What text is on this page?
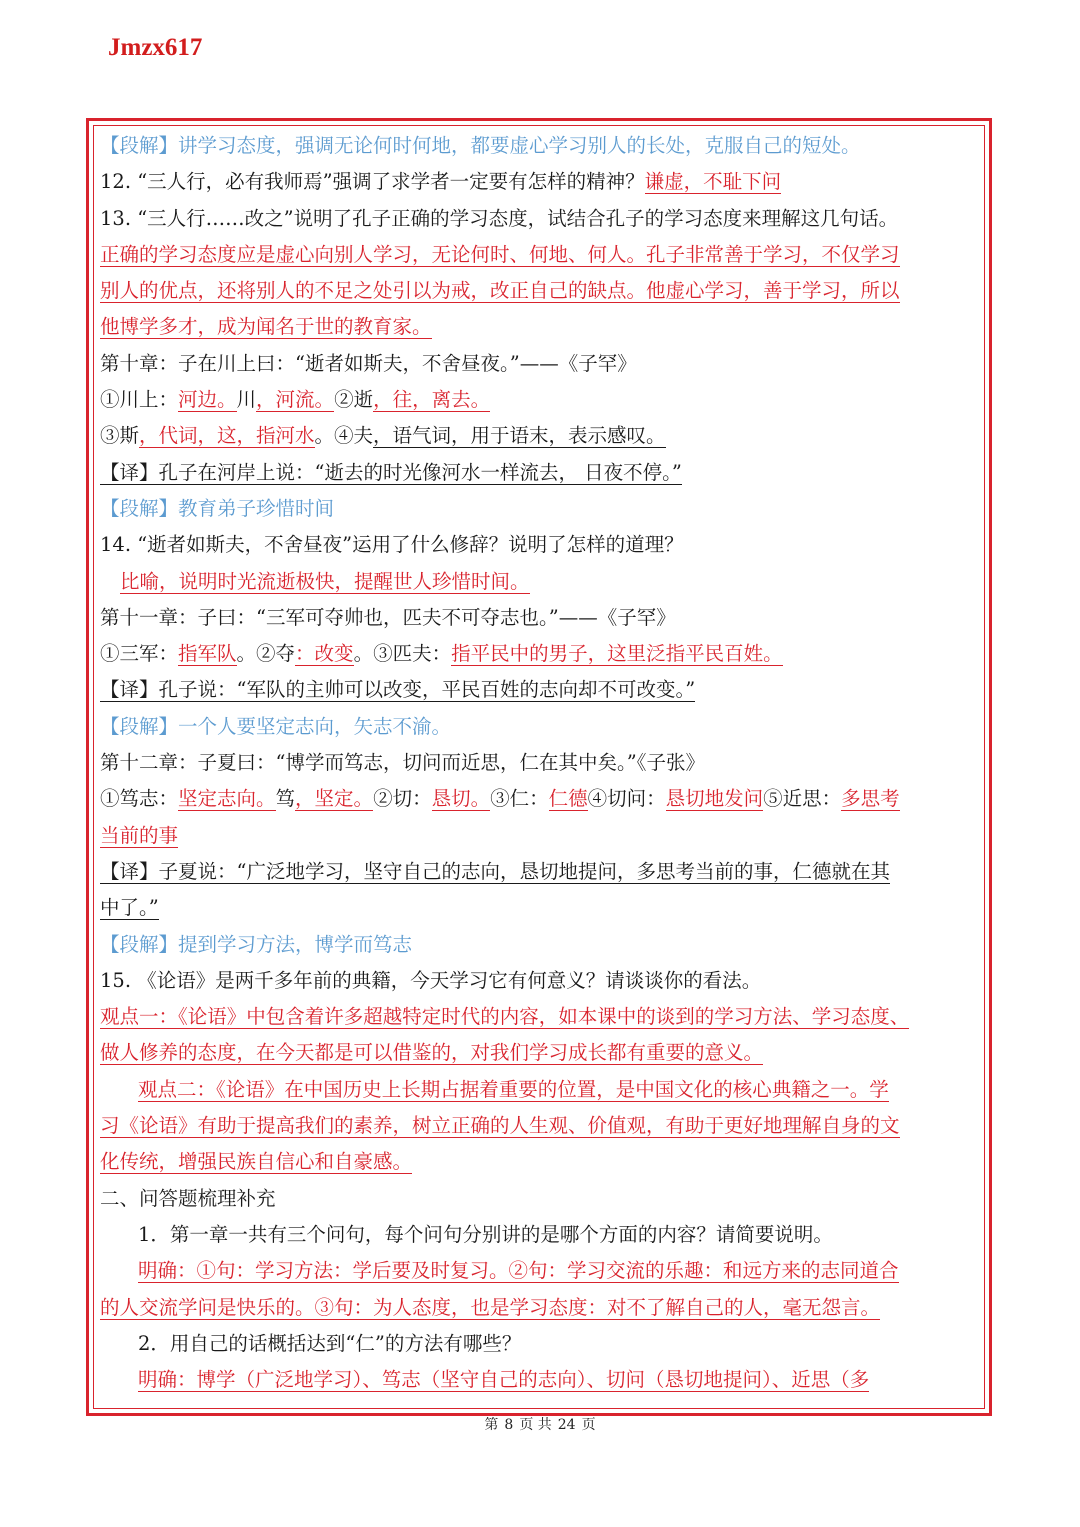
Jmzx617
【段解】讲学习态度，强调无论何时何地，都要虚心学习别人的长处，克服自己的短处。
12. “三人行，必有我师焉”强调了求学者一定要有怎样的精神？谦虚，不耻下问
13. “三人行……改之”说明了孔子正确的学习态度，试结合孔子的学习态度来理解这几句话。
正确的学习态度应是虚心向别人学习，无论何时、何地、何人。孔子非常善于学习，不仅学习
别人的优点，还将别人的不足之处引以为戒，改正自己的缺点。他虚心学习，善于学习，所以
他博学多才，成为闻名于世的教育家。
第十章：子在川上曰：“逝者如斯夫，不舍昼夜。”——《子罕》
①川上：河边。川，河流。②逝，往，离去。
③斯，代词，这，指河水。④夫，语气词，用于语末，表示感叹。
【译】孔子在河岸上说：“逝去的时光像河水一样流去， 日夜不停。”
【段解】教育弟子珍惜时间
14. “逝者如斯夫，不舍昼夜”运用了什么修辞？说明了怎样的道理？
比喻，说明时光流逝极快，提醒世人珍惜时间。
第十一章：子曰：“三军可夺帅也，匹夫不可夺志也。”——《子罕》
①三军：指军队。②夺：改变。③匹夫：指平民中的男子，这里泛指平民百姓。
【译】孔子说：“军队的主帅可以改变，平民百姓的志向却不可改变。”
【段解】一个人要坚定志向，矢志不渝。
第十二章：子夏曰：“博学而笃志，切问而近思，仁在其中矣。”《子张》
①笃志：坚定志向。笃，坚定。②切：恳切。③仁：仁德④切问：恳切地发问⑤近思：多思考
当前的事
【译】子夏说：“广泛地学习，坚守自己的志向，恳切地提问，多思考当前的事，仁德就在其
中了。”
【段解】提到学习方法，博学而笃志
15. 《论语》是两千多年前的典籍，今天学习它有何意义？请谈谈你的看法。
观点一：《论语》中包含着许多超越特定时代的内容，如本课中的谈到的学习方法、学习态度、
做人修养的态度，在今天都是可以借鉴的，对我们学习成长都有重要的意义。
观点二：《论语》在中国历史上长期占据着重要的位置，是中国文化的核心典籍之一。学
习《论语》有助于提高我们的素养，树立正确的人生观、价值观，有助于更好地理解自身的文
化传统，增强民族自信心和自豪感。
二、问答题梳理补充
1．第一章一共有三个问句，每个问句分别讲的是哪个方面的内容？请简要说明。
明确：①句：学习方法：学后要及时复习。②句：学习交流的乐趣：和远方来的志同道合
的人交流学问是快乐的。③句：为人态度，也是学习态度：对不了解自己的人，毫无怨言。
2．用自己的话概括达到“仁”的方法有哪些？
明确：博学（广泛地学习）、笃志（坚守自己的志向）、切问（恳切地提问）、近思（多
第 8 页 共 24 页
